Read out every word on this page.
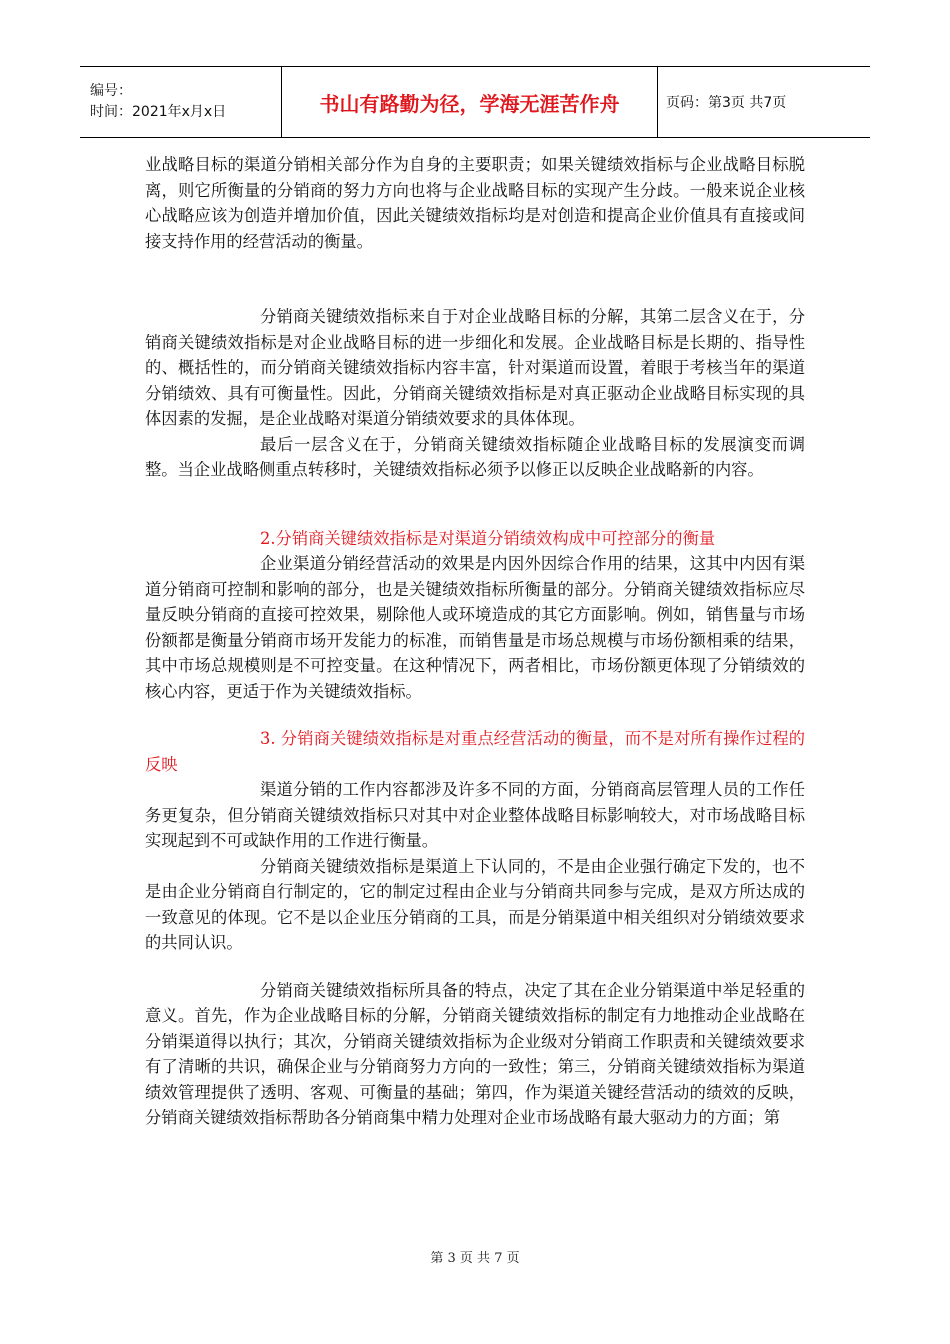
编号：
时间：2021年x月x日	书山有路勤为径，学海无涯苦作舟	页码：第3页 共7页

业战略目标的渠道分销相关部分作为自身的主要职责；如果关键绩效指标与企业战略目标脱离，则它所衡量的分销商的努力方向也将与企业战略目标的实现产生分歧。一般来说企业核心战略应该为创造并增加价值，因此关键绩效指标均是对创造和提高企业价值具有直接或间接支持作用的经营活动的衡量。

分销商关键绩效指标来自于对企业战略目标的分解，其第二层含义在于，分销商关键绩效指标是对企业战略目标的进一步细化和发展。企业战略目标是长期的、指导性的、概括性的，而分销商关键绩效指标内容丰富，针对渠道而设置，着眼于考核当年的渠道分销绩效、具有可衡量性。因此，分销商关键绩效指标是对真正驱动企业战略目标实现的具体因素的发掘，是企业战略对渠道分销绩效要求的具体体现。

最后一层含义在于，分销商关键绩效指标随企业战略目标的发展演变而调整。当企业战略侧重点转移时，关键绩效指标必须予以修正以反映企业战略新的内容。

2.分销商关键绩效指标是对渠道分销绩效构成中可控部分的衡量

企业渠道分销经营活动的效果是内因外因综合作用的结果，这其中内因有渠道分销商可控制和影响的部分，也是关键绩效指标所衡量的部分。分销商关键绩效指标应尽量反映分销商的直接可控效果，剔除他人或环境造成的其它方面影响。例如，销售量与市场份额都是衡量分销商市场开发能力的标准，而销售量是市场总规模与市场份额相乘的结果，其中市场总规模则是不可控变量。在这种情况下，两者相比，市场份额更体现了分销绩效的核心内容，更适于作为关键绩效指标。

3. 分销商关键绩效指标是对重点经营活动的衡量，而不是对所有操作过程的反映

渠道分销的工作内容都涉及许多不同的方面，分销商高层管理人员的工作任务更复杂，但分销商关键绩效指标只对其中对企业整体战略目标影响较大，对市场战略目标实现起到不可或缺作用的工作进行衡量。

分销商关键绩效指标是渠道上下认同的，不是由企业强行确定下发的，也不是由企业分销商自行制定的，它的制定过程由企业与分销商共同参与完成，是双方所达成的一致意见的体现。它不是以企业压分销商的工具，而是分销渠道中相关组织对分销绩效要求的共同认识。

分销商关键绩效指标所具备的特点，决定了其在企业分销渠道中举足轻重的意义。首先，作为企业战略目标的分解，分销商关键绩效指标的制定有力地推动企业战略在分销渠道得以执行；其次，分销商关键绩效指标为企业级对分销商工作职责和关键绩效要求有了清晰的共识，确保企业与分销商努力方向的一致性；第三，分销商关键绩效指标为渠道绩效管理提供了透明、客观、可衡量的基础；第四，作为渠道关键经营活动的绩效的反映，分销商关键绩效指标帮助各分销商集中精力处理对企业市场战略有最大驱动力的方面；第

第 3 页 共 7 页
